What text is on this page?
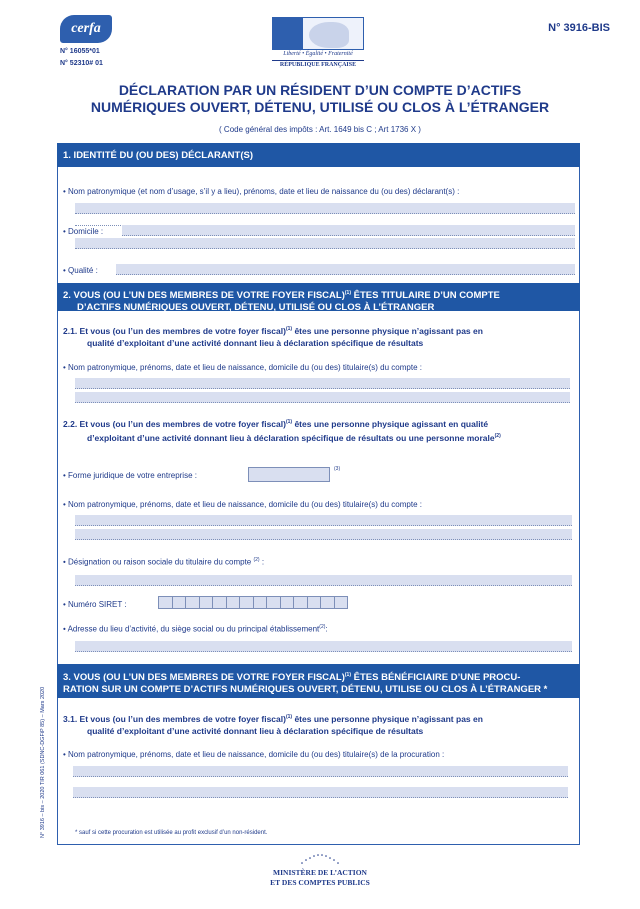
cerfa
N° 16055*01
N° 52310# 01
Liberté • Égalité • Fraternité
RÉPUBLIQUE FRANÇAISE
N° 3916-BIS
DÉCLARATION PAR UN RÉSIDENT D’UN COMPTE D’ACTIFS
NUMÉRIQUES OUVERT, DÉTENU, UTILISÉ OU CLOS À L’ÉTRANGER
( Code général des impôts : Art. 1649 bis C ; Art 1736 X )
1. IDENTITÉ DU (OU DES) DÉCLARANT(S)
• Nom patronymique (et nom d’usage, s’il y a lieu), prénoms, date et lieu de naissance du (ou des) déclarant(s) :
• Domicile :
• Qualité :
2. VOUS (OU L’UN DES MEMBRES DE VOTRE FOYER FISCAL)$^{(1)}$ ÊTES TITULAIRE D’UN COMPTE
D’ACTIFS NUMÉRIQUES OUVERT, DÉTENU, UTILISÉ OU CLOS À L’ÉTRANGER
2.1. Et vous (ou l’un des membres de votre foyer fiscal)$^{(1)}$ êtes une personne physique n’agissant pas en
qualité d’exploitant d’une activité donnant lieu à déclaration spécifique de résultats
• Nom patronymique, prénoms, date et lieu de naissance, domicile du (ou des) titulaire(s) du compte :
2.2. Et vous (ou l’un des membres de votre foyer fiscal)$^{(1)}$ êtes une personne physique agissant en qualité
d’exploitant d’une activité donnant lieu à déclaration spécifique de résultats ou une personne morale$^{(2)}$
• Forme juridique de votre entreprise :
(3)
• Nom patronymique, prénoms, date et lieu de naissance, domicile du (ou des) titulaire(s) du compte :
• Désignation ou raison sociale du titulaire du compte $^{(2)}$ :
• Numéro SIRET :
• Adresse du lieu d’activité, du siège social ou du principal établissement$^{(2)}$:
3. VOUS (OU L’UN DES MEMBRES DE VOTRE FOYER FISCAL)$^{(1)}$ ÊTES BÉNÉFICIAIRE D’UNE PROCU-
RATION SUR UN COMPTE D’ACTIFS NUMÉRIQUES OUVERT, DÉTENU, UTILISE OU CLOS À L’ÉTRANGER *
3.1. Et vous (ou l’un des membres de votre foyer fiscal)$^{(1)}$ êtes une personne physique n’agissant pas en
qualité d’exploitant d’une activité donnant lieu à déclaration spécifique de résultats
• Nom patronymique, prénoms, date et lieu de naissance, domicile du (ou des) titulaire(s) de la procuration :
* sauf si cette procuration est utilisée au profit exclusif d’un non-résident.
N° 3916 – bis – 2020 TIR 061 (SDNC-DGFiP 85) – Mars 2020
MINISTÈRE DE L’ACTION
ET DES COMPTES PUBLICS
